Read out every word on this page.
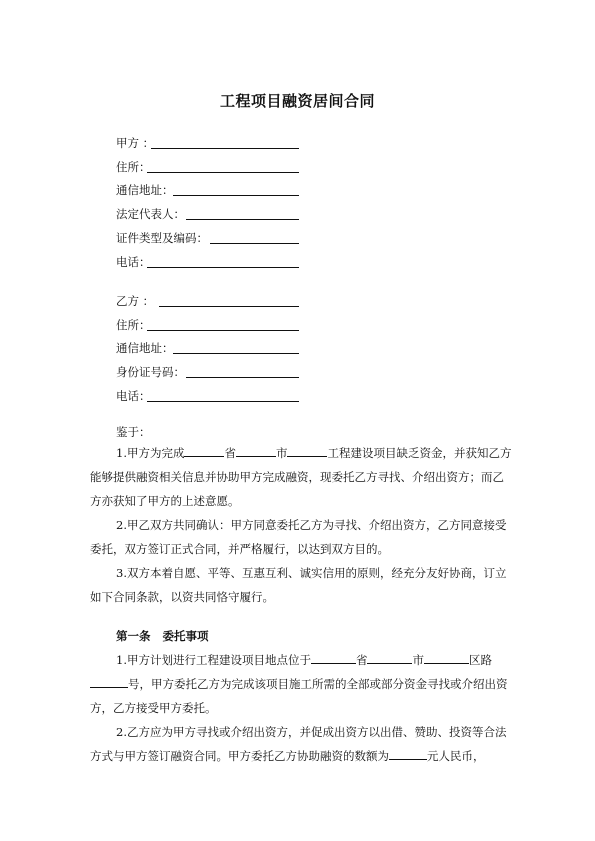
工程项目融资居间合同
甲方 ：
住所：
通信地址：
法定代表人：
证件类型及编码：
电话：
乙方 ：
住所：
通信地址：
身份证号码：
电话：
鉴于：

1.甲方为完成	省	市	工程建设项目缺乏资金，并获知乙方能够提供融资相关信息并协助甲方完成融资，现委托乙方寻找、介绍出资方；而乙方亦获知了甲方的上述意愿。

2.甲乙双方共同确认：甲方同意委托乙方为寻找、介绍出资方，乙方同意接受委托，双方签订正式合同，并严格履行，以达到双方目的。

3.双方本着自愿、平等、互惠互利、诚实信用的原则，经充分友好协商，订立如下合同条款，以资共同恪守履行。

第一条 委托事项

1.甲方计划进行工程建设项目地点位于	省	市	区路号，甲方委托乙方为完成该项目施工所需的全部或部分资金寻找或介绍出资方，乙方接受甲方委托。

2.乙方应为甲方寻找或介绍出资方，并促成出资方以出借、赞助、投资等合法方式与甲方签订融资合同。甲方委托乙方协助融资的数额为	元人民币，
